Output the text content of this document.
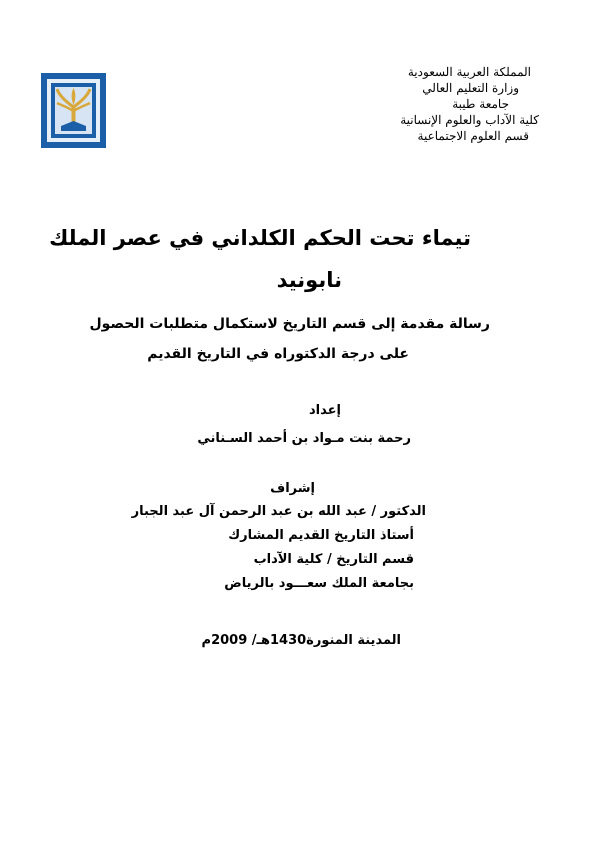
المملكة العربية السعودية
وزارة التعليم العالي
جامعة طيبة
كلية الآداب والعلوم الإنسانية
قسم العلوم الاجتماعية
تيماء تحت الحكم الكلداني في عصر الملك
نابونيد
رسالة مقدمة إلى قسم التاريخ لاستكمال متطلبات الحصول
على درجة الدكتوراه في التاريخ القديم
إعداد
رحمة بنت مـواد بن أحمد السـناني
إشراف
الدكتور / عبد الله بن عبد الرحمن آل عبد الجبار
أستاذ التاريخ القديم المشارك
قسم التاريخ / كلية الآداب
بجامعة الملك سعـــود بالرياض
المدينة المنورة1430هـ/ 2009م
